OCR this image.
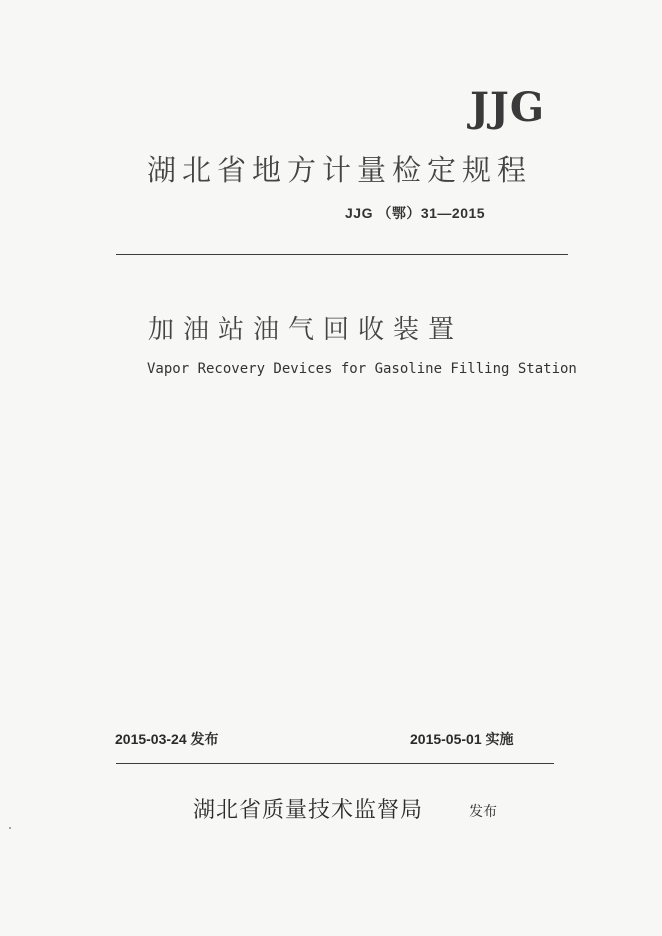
JJG
湖北省地方计量检定规程
JJG （鄂）31—2015
加油站油气回收装置
Vapor Recovery Devices for Gasoline Filling Station
2015-03-24 发布	2015-05-01 实施
湖北省质量技术监督局	发布
